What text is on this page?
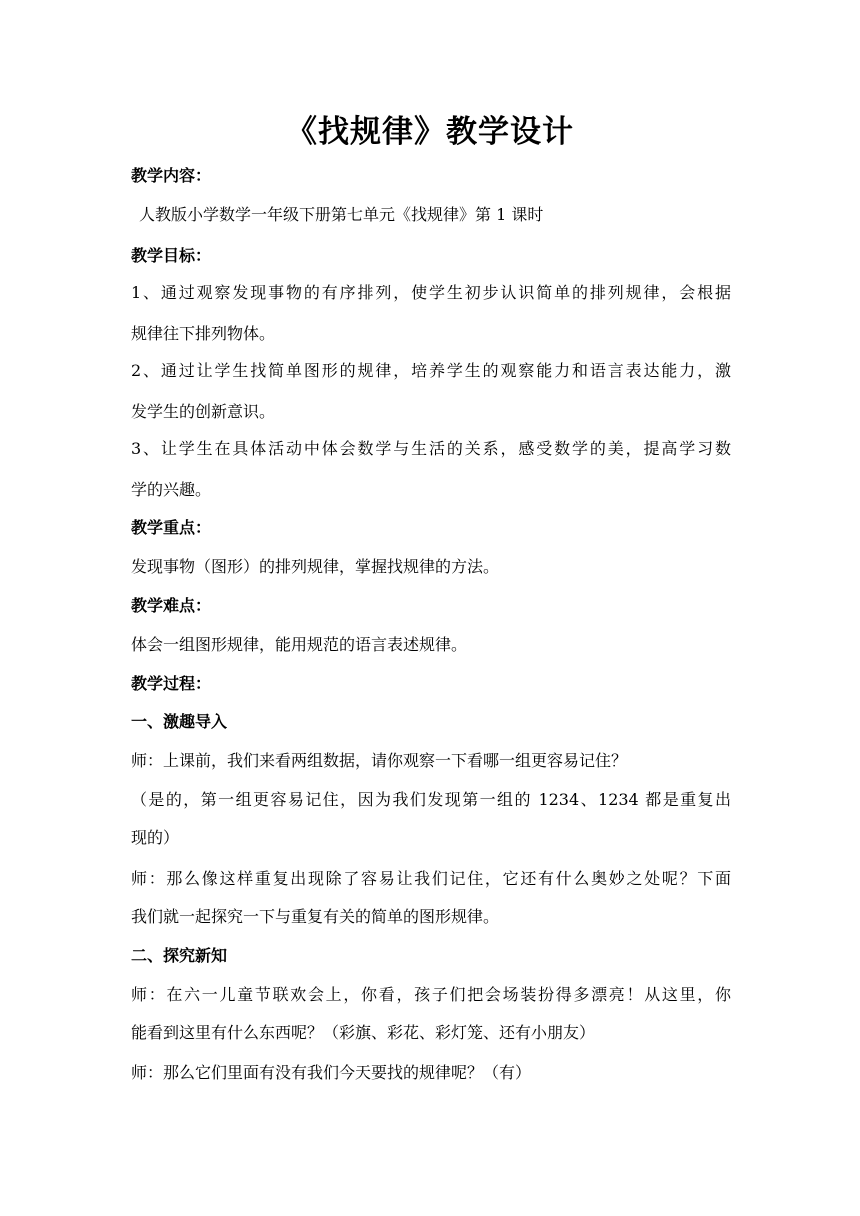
《找规律》教学设计
教学内容：
人教版小学数学一年级下册第七单元《找规律》第 1 课时
教学目标：
1、通过观察发现事物的有序排列，使学生初步认识简单的排列规律，会根据
规律往下排列物体。
2、通过让学生找简单图形的规律，培养学生的观察能力和语言表达能力，激
发学生的创新意识。
3、让学生在具体活动中体会数学与生活的关系，感受数学的美，提高学习数
学的兴趣。
教学重点：
发现事物（图形）的排列规律，掌握找规律的方法。
教学难点：
体会一组图形规律，能用规范的语言表述规律。
教学过程：
一、激趣导入
师：上课前，我们来看两组数据，请你观察一下看哪一组更容易记住？
（是的，第一组更容易记住，因为我们发现第一组的 1234、1234 都是重复出
现的）
师：那么像这样重复出现除了容易让我们记住，它还有什么奥妙之处呢？下面
我们就一起探究一下与重复有关的简单的图形规律。
二、探究新知
师：在六一儿童节联欢会上，你看，孩子们把会场装扮得多漂亮！从这里，你
能看到这里有什么东西呢？（彩旗、彩花、彩灯笼、还有小朋友）
师：那么它们里面有没有我们今天要找的规律呢？（有）
